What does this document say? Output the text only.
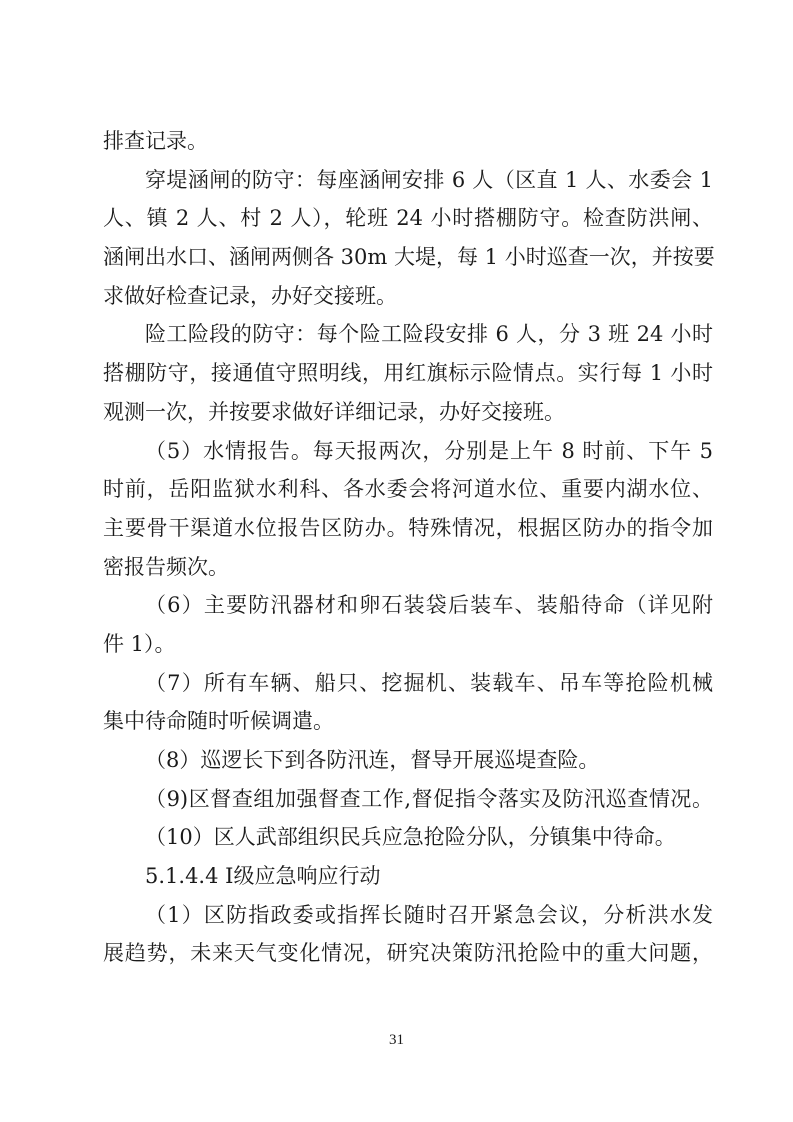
排查记录。
穿堤涵闸的防守：每座涵闸安排 6 人（区直 1 人、水委会 1
人、镇 2 人、村 2 人），轮班 24 小时搭棚防守。检查防洪闸、
涵闸出水口、涵闸两侧各 30m 大堤，每 1 小时巡查一次，并按要
求做好检查记录，办好交接班。
险工险段的防守：每个险工险段安排 6 人，分 3 班 24 小时
搭棚防守，接通值守照明线，用红旗标示险情点。实行每 1 小时
观测一次，并按要求做好详细记录，办好交接班。
（5）水情报告。每天报两次，分别是上午 8 时前、下午 5
时前，岳阳监狱水利科、各水委会将河道水位、重要内湖水位、
主要骨干渠道水位报告区防办。特殊情况，根据区防办的指令加
密报告频次。
（6）主要防汛器材和卵石装袋后装车、装船待命（详见附
件 1）。
（7）所有车辆、船只、挖掘机、装载车、吊车等抢险机械
集中待命随时听候调遣。
（8）巡逻长下到各防汛连，督导开展巡堤查险。
（9)区督查组加强督查工作,督促指令落实及防汛巡查情况。
（10）区人武部组织民兵应急抢险分队，分镇集中待命。
5.1.4.4 Ⅰ级应急响应行动
（1）区防指政委或指挥长随时召开紧急会议，分析洪水发
展趋势，未来天气变化情况，研究决策防汛抢险中的重大问题，
31
